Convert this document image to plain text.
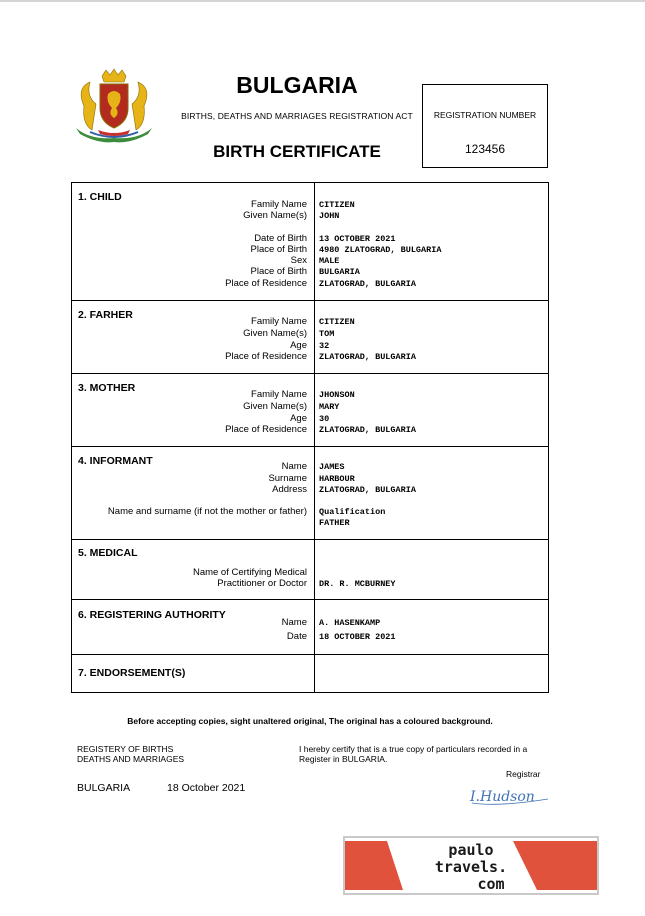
BULGARIA
BIRTHS, DEATHS AND MARRIAGES REGISTRATION ACT
BIRTH CERTIFICATE
REGISTRATION NUMBER
123456
1. CHILD
Family Name CITIZEN
Given Name(s) JOHN
Date of Birth 13 OCTOBER 2021
Place of Birth 4980 ZLATOGRAD, BULGARIA
Sex MALE
Place of Birth BULGARIA
Place of Residence ZLATOGRAD, BULGARIA
2. FARHER
Family Name CITIZEN
Given Name(s) TOM
Age 32
Place of Residence ZLATOGRAD, BULGARIA
3. MOTHER
Family Name JHONSON
Given Name(s) MARY
Age 30
Place of Residence ZLATOGRAD, BULGARIA
4. INFORMANT	Name JAMES
Surname HARBOUR
Address ZLATOGRAD, BULGARIA
Name and surname (if not the mother or father) Qualification
FATHER
5. MEDICAL
Name of Certifying Medical
Practitioner or Doctor DR. R. MCBURNEY
6. REGISTERING AUTHORITY
Name A. HASENKAMP
Date 18 OCTOBER 2021
7. ENDORSEMENT(S)
Before accepting copies, sight unaltered original, The original has a coloured background.
REGISTERY OF BIRTHS
DEATHS AND MARRIAGES
I hereby certify that is a true copy of particulars recorded in a
Register in BULGARIA.
Registrar
BULGARIA	18 October 2021
I.Hudson
paulo
travels.
com
